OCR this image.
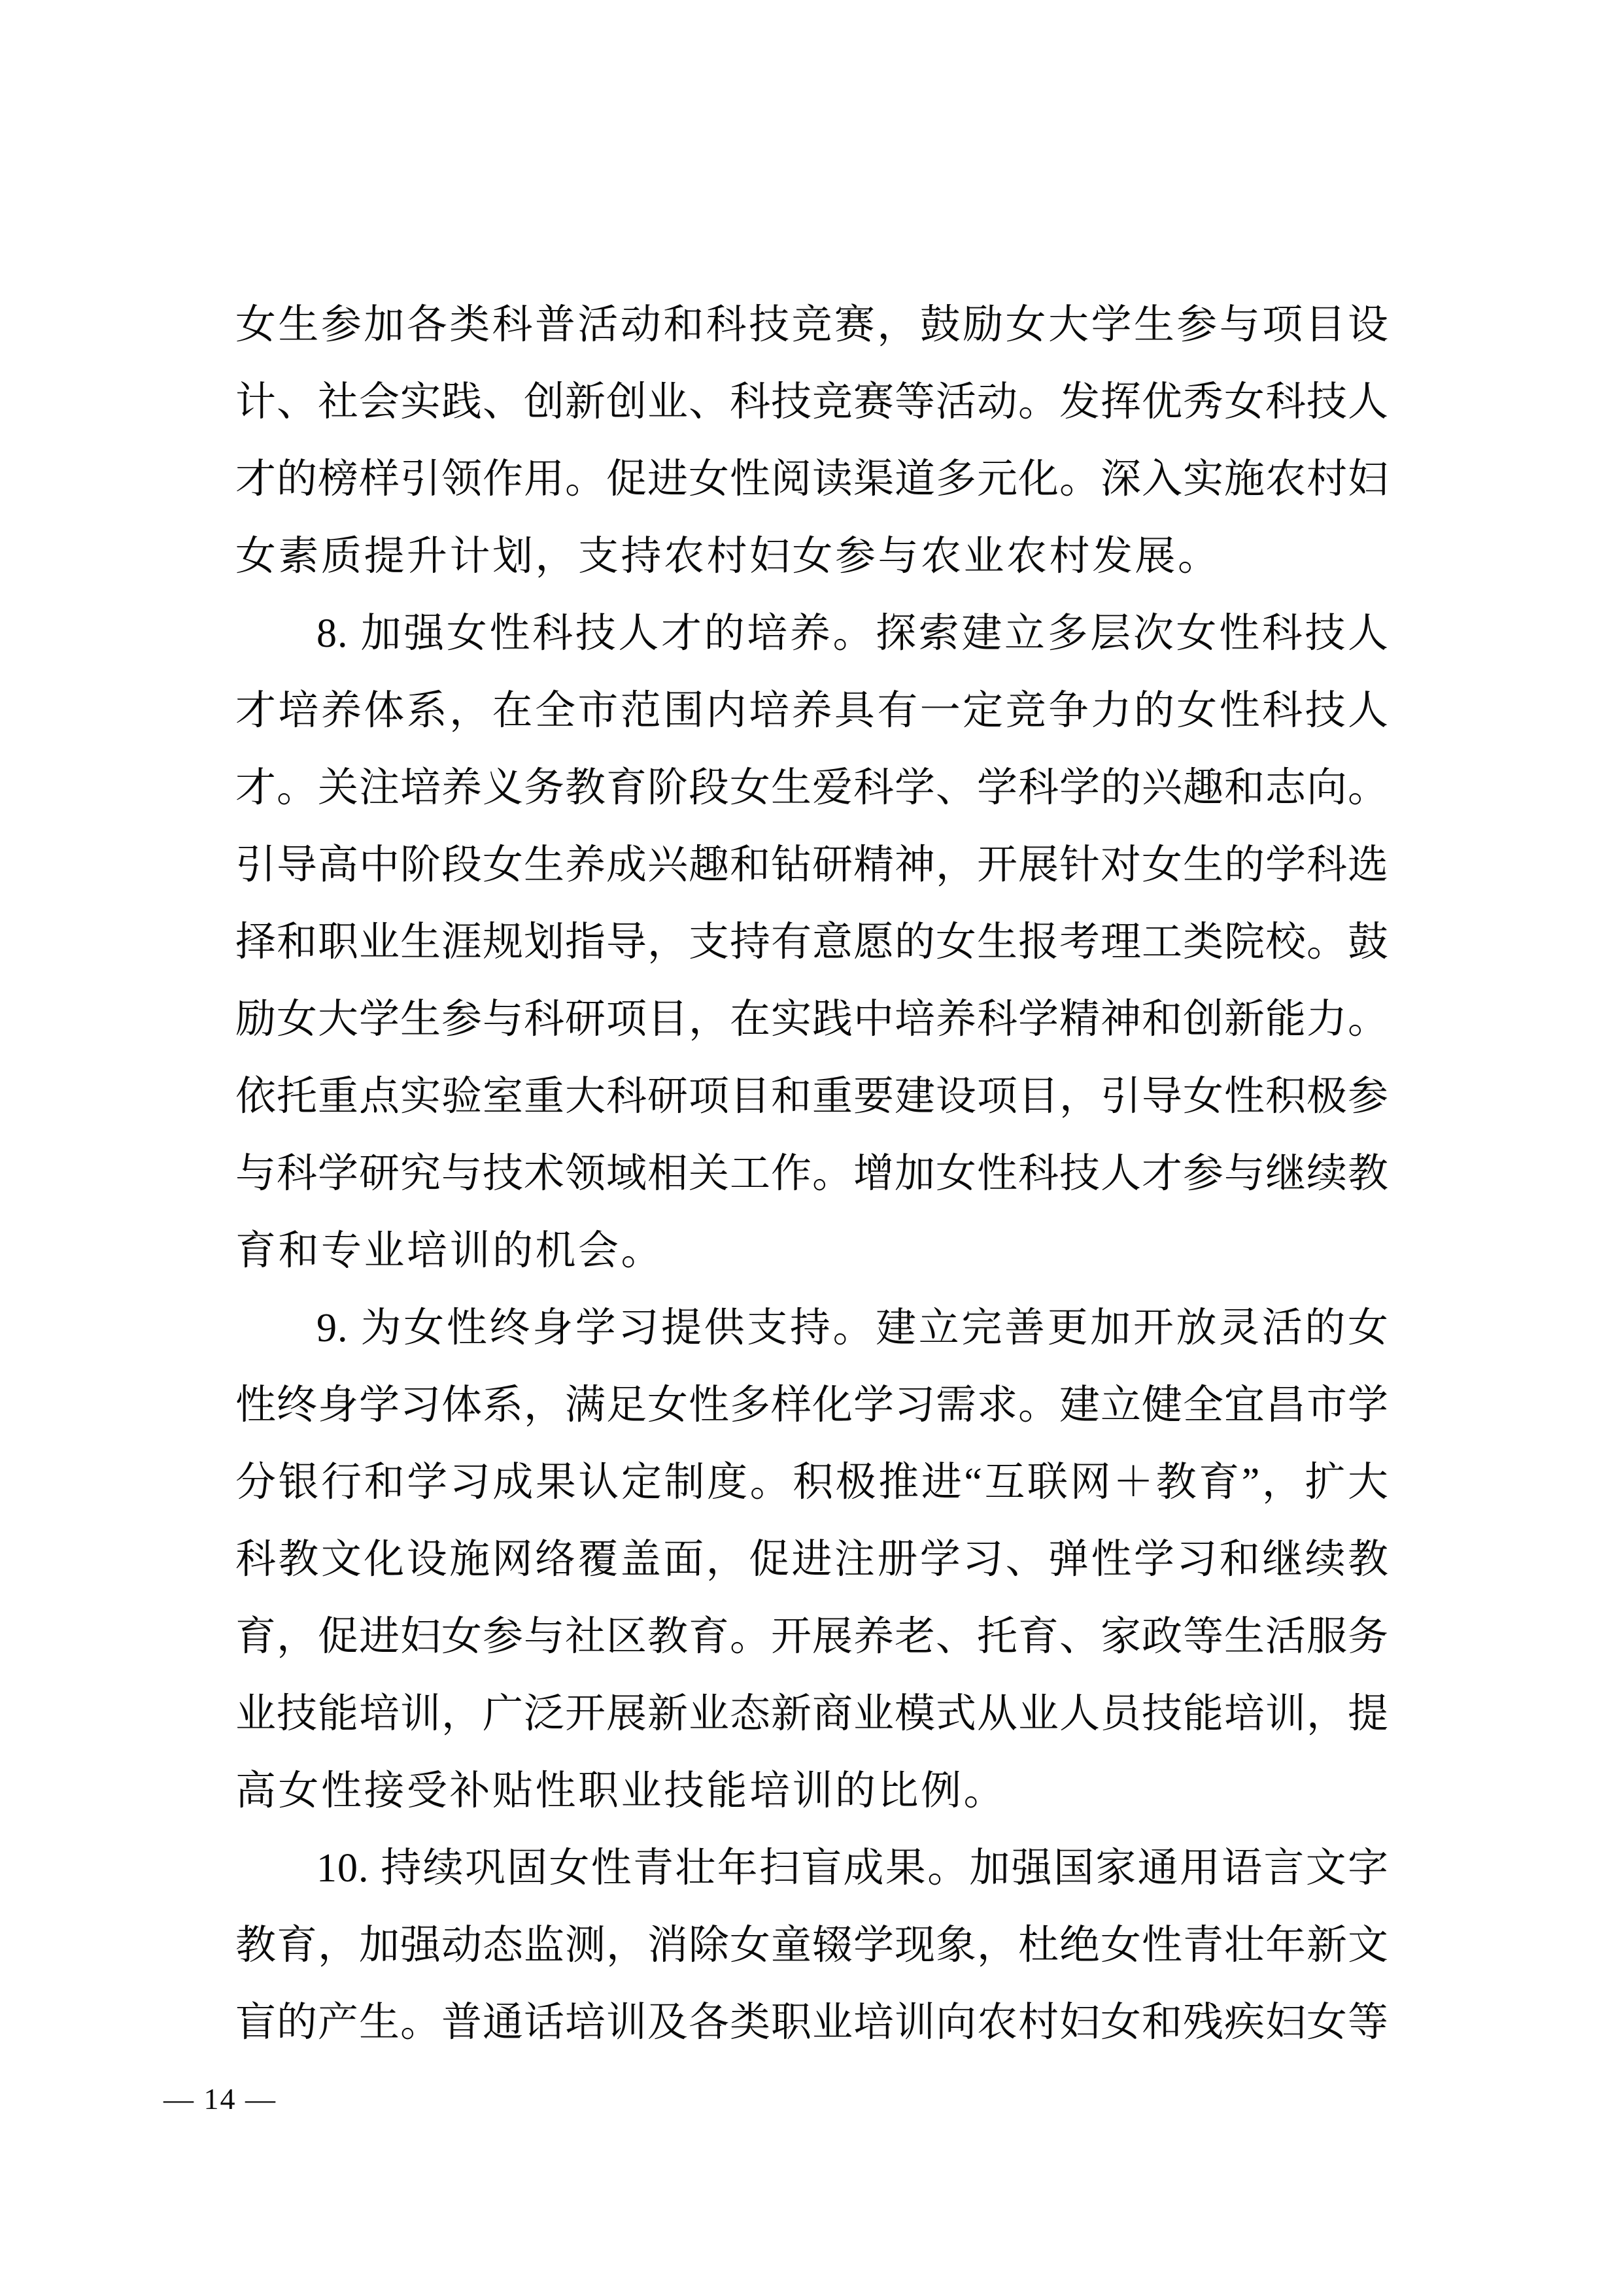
女生参加各类科普活动和科技竞赛，鼓励女大学生参与项目设
计、社会实践、创新创业、科技竞赛等活动。发挥优秀女科技人
才的榜样引领作用。促进女性阅读渠道多元化。深入实施农村妇
女素质提升计划，支持农村妇女参与农业农村发展。
8. 加强女性科技人才的培养。探索建立多层次女性科技人
才培养体系，在全市范围内培养具有一定竞争力的女性科技人
才。关注培养义务教育阶段女生爱科学、学科学的兴趣和志向。
引导高中阶段女生养成兴趣和钻研精神，开展针对女生的学科选
择和职业生涯规划指导，支持有意愿的女生报考理工类院校。鼓
励女大学生参与科研项目，在实践中培养科学精神和创新能力。
依托重点实验室重大科研项目和重要建设项目，引导女性积极参
与科学研究与技术领域相关工作。增加女性科技人才参与继续教
育和专业培训的机会。
9. 为女性终身学习提供支持。建立完善更加开放灵活的女
性终身学习体系，满足女性多样化学习需求。建立健全宜昌市学
分银行和学习成果认定制度。积极推进“互联网＋教育”，扩大
科教文化设施网络覆盖面，促进注册学习、弹性学习和继续教
育，促进妇女参与社区教育。开展养老、托育、家政等生活服务
业技能培训，广泛开展新业态新商业模式从业人员技能培训，提
高女性接受补贴性职业技能培训的比例。
10. 持续巩固女性青壮年扫盲成果。加强国家通用语言文字
教育，加强动态监测，消除女童辍学现象，杜绝女性青壮年新文
盲的产生。普通话培训及各类职业培训向农村妇女和残疾妇女等
— 14 —
